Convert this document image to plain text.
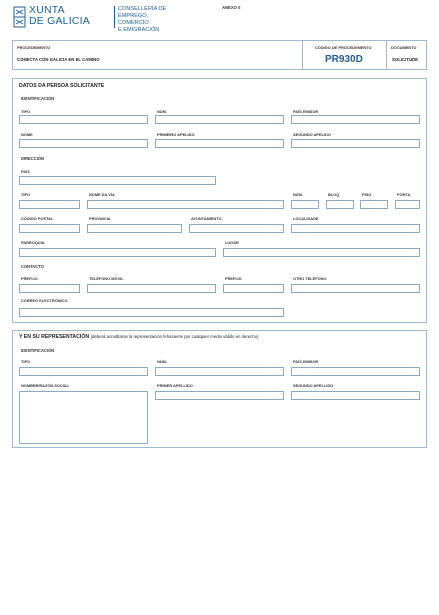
XUNTA
DE GALICIA
CONSELLERÍA DE
EMPREGO, COMERCIO
E EMIGRACIÓN
ANEXO II
PROCEDEMENTO
CONECTA CON GALICIA EN EL CAMINO
CÓDIGO DE PROCEDEMENTO
PR930D
DOCUMENTO
SOLICITUDE
DATOS DA PERSOA SOLICITANTE
IDENTIFICACIÓN
TIPO	NÚM.	PAÍS EMISOR
NOME	PRIMEIRO APELIDO	SEGUNDO APELIDO
DIRECCIÓN
PAÍS
TIPO	NOME DA VÍA	NÚM.	BLOQ.	PISO	PORTA
CÓDIGO POSTAL	PROVINCIA	AYUNTAMIENTO	LOCALIDADE
PARROQUIA	LUGAR
CONTACTO
PREFIJO	TELÉFONO MÓVIL	PREFIJO	OTRO TELÉFONO
CORREO ELECTRÓNICO
Y EN SU REPRESENTACIÓN (deberá acreditarse la representación fehaciente por cualquier medio válido en derecho)
IDENTIFICACIÓN
TIPO	NÚM.	PAÍS EMISOR
NOMBRE/RAZÓN SOCIAL	PRIMER APELLIDO	SEGUNDO APELLIDO
